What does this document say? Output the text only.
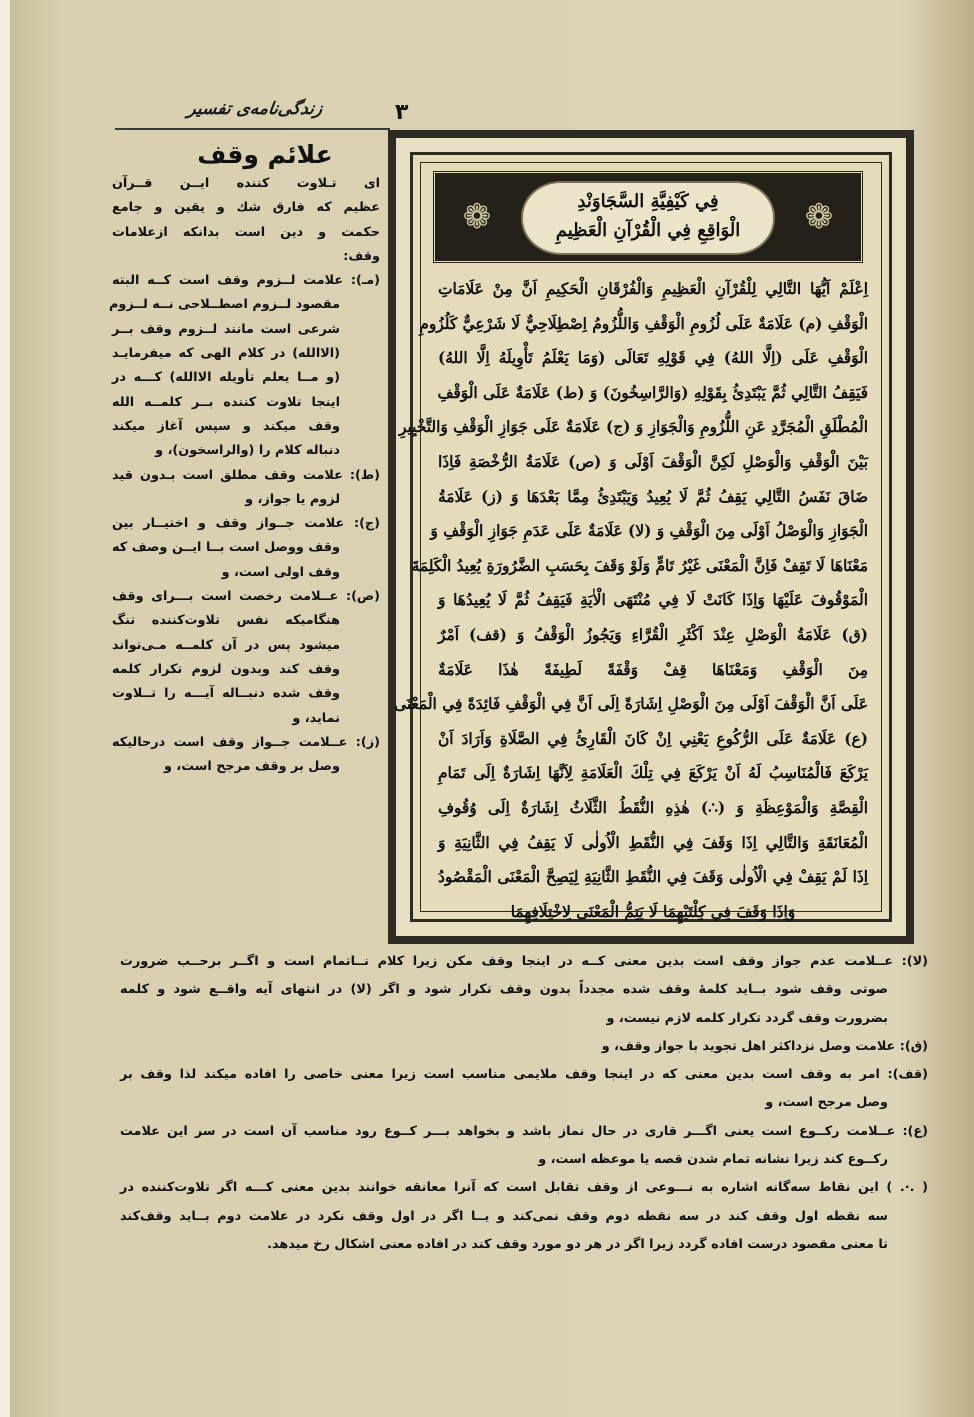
۳
زندگی‌نامه‌ی تفسیر
❁	فِي كَيْفِيَّةِ السَّجَاوَنْدِ
الْوَاقِعِ فِي الْقُرْآنِ الْعَظِيمِ	❁
اِعْلَمْ اَيُّهَا التَّالِي لِلْقُرْآنِ الْعَظِيمِ وَالْفُرْقَانِ الْحَكِيمِ اَنَّ مِنْ عَلَامَاتِ
الْوَقْفِ (م) عَلَامَةٌ عَلَى لُزُومِ الْوَقْفِ وَاللُّزُومُ اِصْطِلَاحِيٌّ لَا شَرْعِيٌّ كَلُزُومِ
الْوَقْفِ عَلَى (اِلَّا اللهُ) فِي قَوْلِهِ تَعَالَى (وَمَا يَعْلَمُ تَأْوِيلَهُ اِلَّا اللهُ)
فَيَقِفُ التَّالِي ثُمَّ يَبْتَدِئُ بِقَوْلِهِ (وَالرَّاسِخُونَ) وَ (ط) عَلَامَةٌ عَلَى الْوَقْفِ
الْمُطْلَقِ الْمُجَرَّدِ عَنِ اللُّزُومِ وَالْجَوَازِ وَ (ج) عَلَامَةٌ عَلَى جَوَازِ الْوَقْفِ وَالتَّخْيِيرِ
بَيْنَ الْوَقْفِ وَالْوَصْلِ لَكِنَّ الْوَقْفَ اَوْلَى وَ (ص) عَلَامَةُ الرُّخْصَةِ فَاِذَا
ضَاقَ نَفَسُ التَّالِي يَقِفُ ثُمَّ لَا يُعِيدُ وَيَبْتَدِئُ مِمَّا بَعْدَهَا وَ (ز) عَلَامَةُ
الْجَوَازِ وَالْوَصْلُ اَوْلَى مِنَ الْوَقْفِ وَ (لا) عَلَامَةٌ عَلَى عَدَمِ جَوَازِ الْوَقْفِ وَ
مَعْنَاهَا لَا تَقِفْ فَاِنَّ الْمَعْنَى غَيْرُ تَامٍّ وَلَوْ وَقَفَ بِحَسَبِ الضَّرُورَةِ يُعِيدُ الْكَلِمَةَ
الْمَوْقُوفَ عَلَيْهَا وَاِذَا كَانَتْ لَا فِي مُنْتَهَى الْاٰيَةِ فَيَقِفُ ثُمَّ لَا يُعِيدُهَا وَ
(ق) عَلَامَةُ الْوَصْلِ عِنْدَ اَكْثَرِ الْقُرَّاءِ وَيَجُوزُ الْوَقْفُ وَ (قف) اَمْرٌ
مِنَ الْوَقْفِ وَمَعْنَاهَا قِفْ وَقْفَةً لَطِيفَةً هٰذَا عَلَامَةٌ
عَلَى اَنَّ الْوَقْفَ اَوْلَى مِنَ الْوَصْلِ اِشَارَةً اِلَى اَنَّ فِي الْوَقْفِ فَائِدَةً فِي الْمَعْنَى
(ع) عَلَامَةٌ عَلَى الرُّكُوعِ يَعْنِي اِنْ كَانَ الْقَارِئُ فِي الصَّلَاةِ وَاَرَادَ اَنْ
يَرْكَعَ فَالْمُنَاسِبُ لَهُ اَنْ يَرْكَعَ فِي تِلْكَ الْعَلَامَةِ لِاَنَّهَا اِشَارَةٌ اِلَى تَمَامِ
الْقِصَّةِ وَالْمَوْعِظَةِ وَ (∴) هٰذِهِ النُّقَطُ الثَّلَاثُ اِشَارَةٌ اِلَى وُقُوفِ
الْمُعَانَقَةِ وَالتَّالِي اِذَا وَقَفَ فِي النُّقَطِ الْاُولٰى لَا يَقِفُ فِي الثَّانِيَةِ وَ
اِذَا لَمْ يَقِفْ فِي الْاُولٰى وَقَفَ فِي النُّقَطِ الثَّانِيَةِ لِيَصِحَّ الْمَعْنَى الْمَقْصُودُ
وَاِذَا وَقَفَ فِي كِلْتَيْهِمَا لَا يَتِمُّ الْمَعْنَى لِاخْتِلَافِهِمَا
علائم وقف
ای تـلاوت کننده ایــن قــرآن
عظیم که فارق شك و یقین و جامع
حکمت و دین است بدانکه ازعلامات
وقف:
(مـ): علامت لــزوم وقف است کــه البته
مقصود لــزوم اصطــلاحی نــه لــزوم
شرعی است مانند لــزوم وقف بــر
(الاالله) در کلام الهی که میفرمایـد
(و مــا یعلم تأویله الاالله) کـــه در
اینجا تلاوت کننده بــر کلمــه الله
وقف میکند و سپس آغاز میکند
دنباله کلام را (والراسخون)، و
(ط): علامت وقف مطلق است بـدون قید
لزوم یا جواز، و
(ج): علامت جــواز وقف و اختیــار بین
وقف ووصل است بــا ایــن وصف که
وقف اولی است، و
(ص): عــلامت رخصت است بـــرای وقف
هنگامیکه نفس تلاوت‌کننده تنگ
میشود پس در آن کلمــه مـی‌تواند
وقف کند وبدون لزوم تکرار کلمه
وقف شده دنبــاله آیـــه را تــلاوت
نماید، و
(ز): عــلامت جــواز وقف است درحالیکه
وصل بر وقف مرجح است، و
(لا): عــلامت عدم جواز وقف است بدین معنی کــه در اینجا وقف مکن زیرا کلام نــاتمام است و اگــر برحــب ضرورت
صوتی وقف شود بــاید کلمهٔ وقف شده مجدداً بدون وقف تکرار شود و اگر (لا) در انتهای آیه واقــع شود و کلمه
بضرورت وقف گردد تکرار کلمه لازم نیست، و
(ق): علامت وصل نزداکثر اهل تجوید با جواز وقف، و
(قف): امر به وقف است بدین معنی که در اینجا وقف ملایمی مناسب است زیرا معنی خاصی را افاده میکند لذا وقف بر
وصل مرجح است، و
(ع): عــلامت رکــوع است یعنی اگـــر قاری در حال نماز باشد و بخواهد بـــر کــوع رود مناسب آن است در سر این علامت
رکــوع کند زیرا نشانه تمام شدن قصه یا موعظه است، و
( .·. ) این نقاط سه‌گانه اشاره به نـــوعی از وقف تقابل است که آنرا معانقه خوانند بدین معنی کـــه اگر تلاوت‌کننده در
سه نقطه اول وقف کند در سه نقطه دوم وقف نمی‌کند و یــا اگر در اول وقف نکرد در علامت دوم بــاید وقف‌کند
تا معنی مقصود درست افاده گردد زیرا اگر در هر دو مورد وقف کند در افاده معنی اشکال رخ میدهد.
